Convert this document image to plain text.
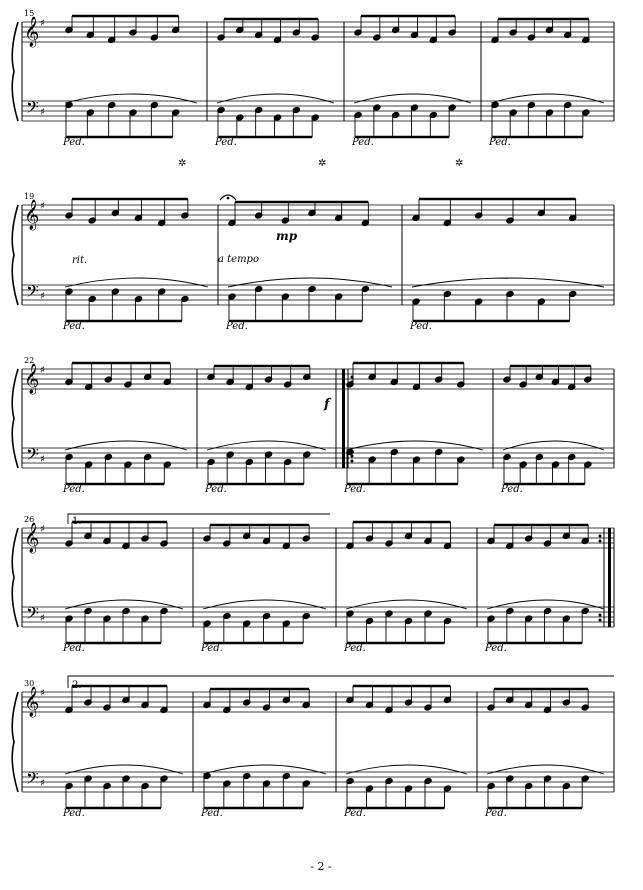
15
𝄞
𝄢
♯
♯
Ped.	Ped.	Ped.	Ped.
19
𝄞
𝄢
♯
♯
Ped.	Ped.	Ped.
22
𝄞
𝄢
♯
♯
Ped.	Ped.	Ped.	Ped.
26
𝄞
𝄢
♯
♯
Ped.	Ped.	Ped.	Ped.
30
𝄞
𝄢
♯
♯
Ped.	Ped.	Ped.	Ped.
✲	✲	✲
mp
f
rit.	a tempo
1.
2.
- 2 -
